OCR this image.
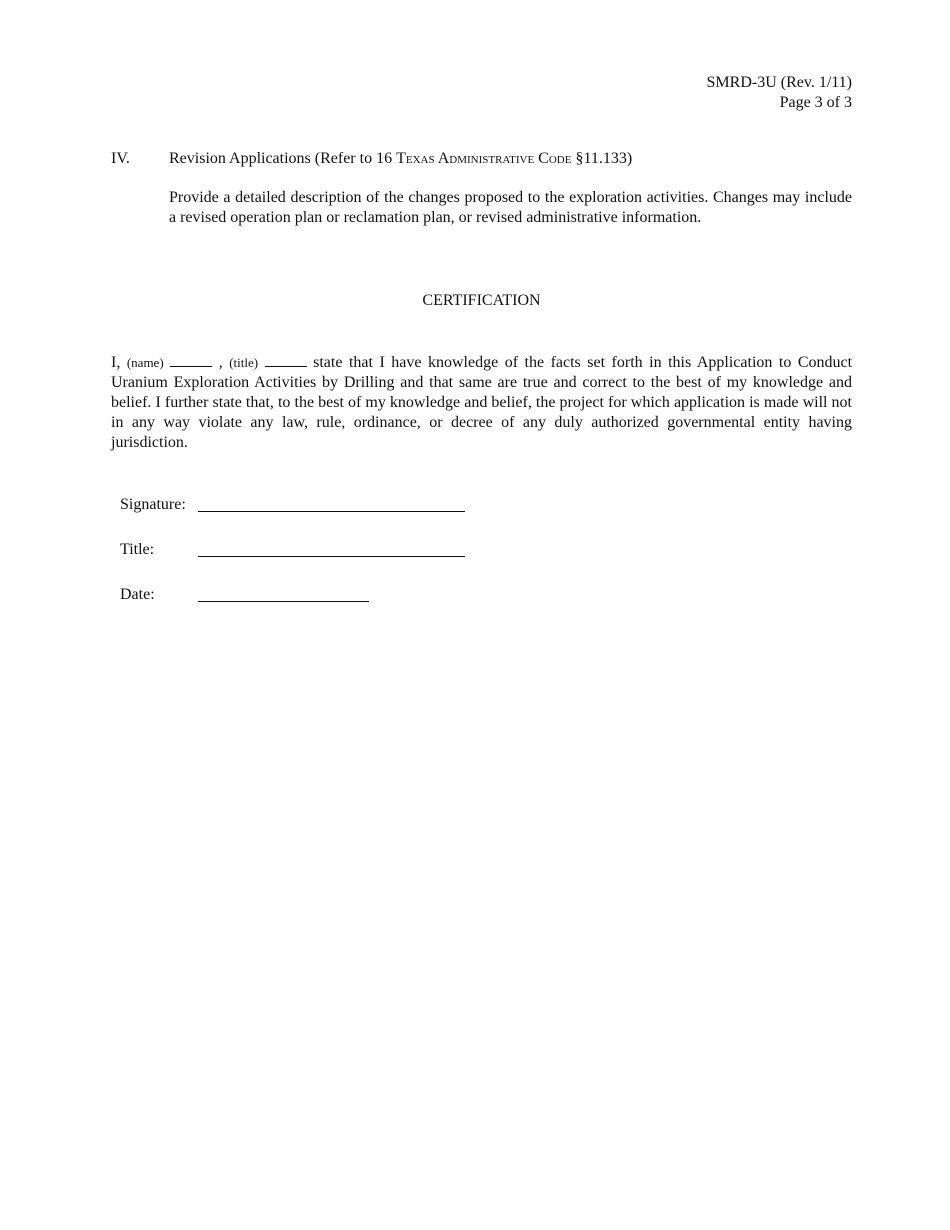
SMRD-3U (Rev. 1/11)
Page 3 of 3
IV. Revision Applications (Refer to 16 Texas Administrative Code §11.133)
Provide a detailed description of the changes proposed to the exploration activities. Changes may include a revised operation plan or reclamation plan, or revised administrative information.
CERTIFICATION
I, (name)	, (title)	state that I have knowledge of the facts set forth in this Application to Conduct Uranium Exploration Activities by Drilling and that same are true and correct to the best of my knowledge and belief. I further state that, to the best of my knowledge and belief, the project for which application is made will not in any way violate any law, rule, ordinance, or decree of any duly authorized governmental entity having jurisdiction.
Signature:
Title:
Date:
